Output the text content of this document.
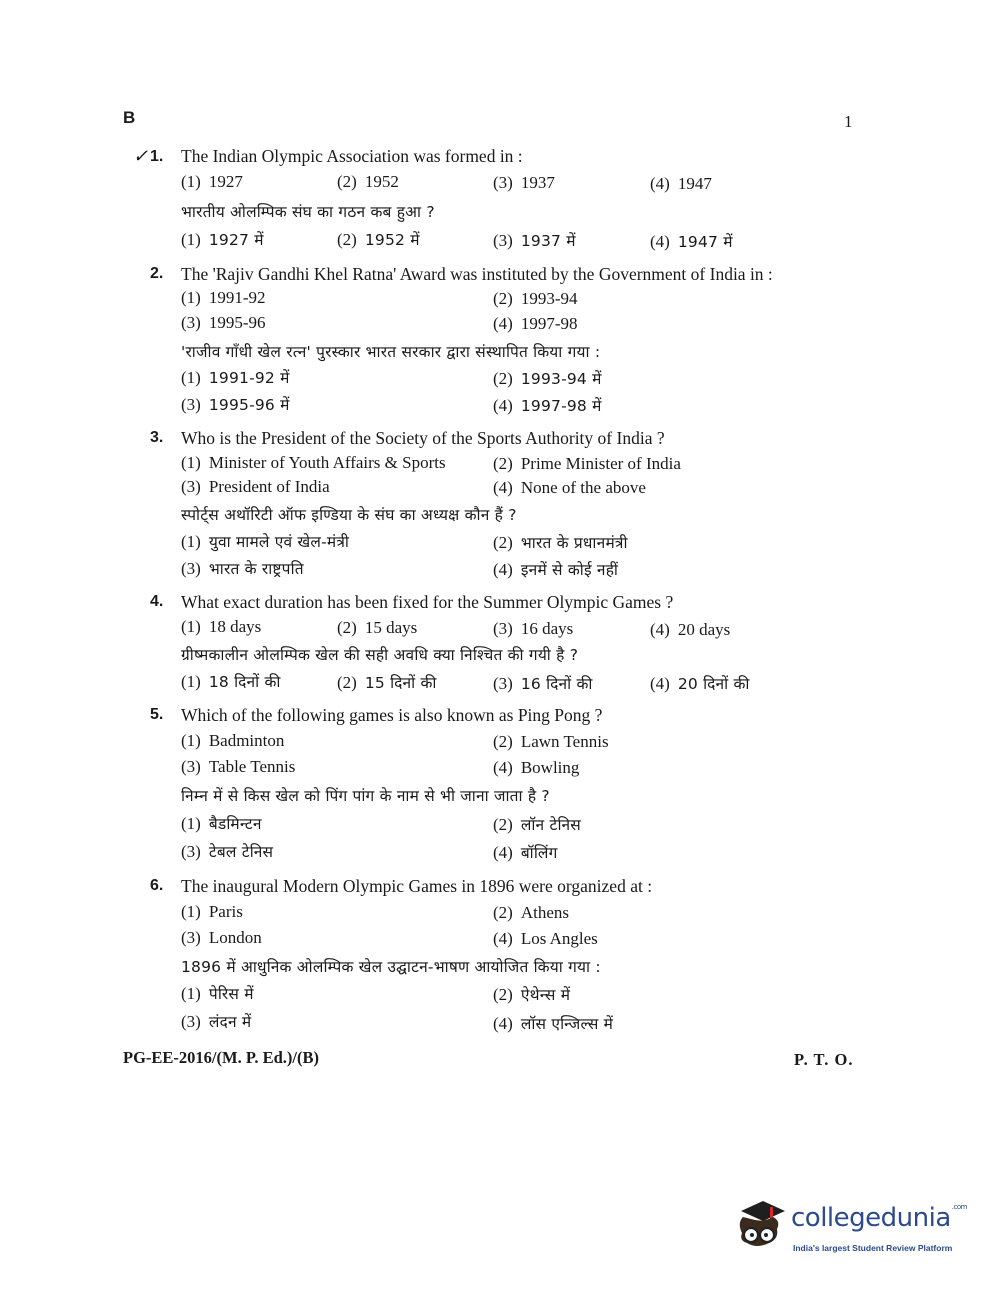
B	1
✓ 1. The Indian Olympic Association was formed in :
(1) 1927	(2) 1952	(3) 1937	(4) 1947
भारतीय ओलम्पिक संघ का गठन कब हुआ ?
(1) 1927 में	(2) 1952 में	(3) 1937 में	(4) 1947 में
2. The 'Rajiv Gandhi Khel Ratna' Award was instituted by the Government of India in :
(1) 1991-92	(2) 1993-94
(3) 1995-96	(4) 1997-98
'राजीव गाँधी खेल रत्न' पुरस्कार भारत सरकार द्वारा संस्थापित किया गया :
(1) 1991-92 में	(2) 1993-94 में
(3) 1995-96 में	(4) 1997-98 में
3. Who is the President of the Society of the Sports Authority of India ?
(1) Minister of Youth Affairs & Sports	(2) Prime Minister of India
(3) President of India	(4) None of the above
स्पोर्ट्स अथॉरिटी ऑफ इण्डिया के संघ का अध्यक्ष कौन हैं ?
(1) युवा मामले एवं खेल-मंत्री	(2) भारत के प्रधानमंत्री
(3) भारत के राष्ट्रपति	(4) इनमें से कोई नहीं
4. What exact duration has been fixed for the Summer Olympic Games ?
(1) 18 days	(2) 15 days	(3) 16 days	(4) 20 days
ग्रीष्मकालीन ओलम्पिक खेल की सही अवधि क्या निश्चित की गयी है ?
(1) 18 दिनों की	(2) 15 दिनों की	(3) 16 दिनों की	(4) 20 दिनों की
5. Which of the following games is also known as Ping Pong ?
(1) Badminton	(2) Lawn Tennis
(3) Table Tennis	(4) Bowling
निम्न में से किस खेल को पिंग पांग के नाम से भी जाना जाता है ?
(1) बैडमिन्टन	(2) लॉन टेनिस
(3) टेबल टेनिस	(4) बॉलिंग
6. The inaugural Modern Olympic Games in 1896 were organized at :
(1) Paris	(2) Athens
(3) London	(4) Los Angles
1896 में आधुनिक ओलम्पिक खेल उद्घाटन-भाषण आयोजित किया गया :
(1) पेरिस में	(2) ऐथेन्स में
(3) लंदन में	(4) लॉस एन्जिल्स में
PG-EE-2016/(M. P. Ed.)/(B)	P. T. O.
collegedunia$^{.com}$
India's largest Student Review Platform
